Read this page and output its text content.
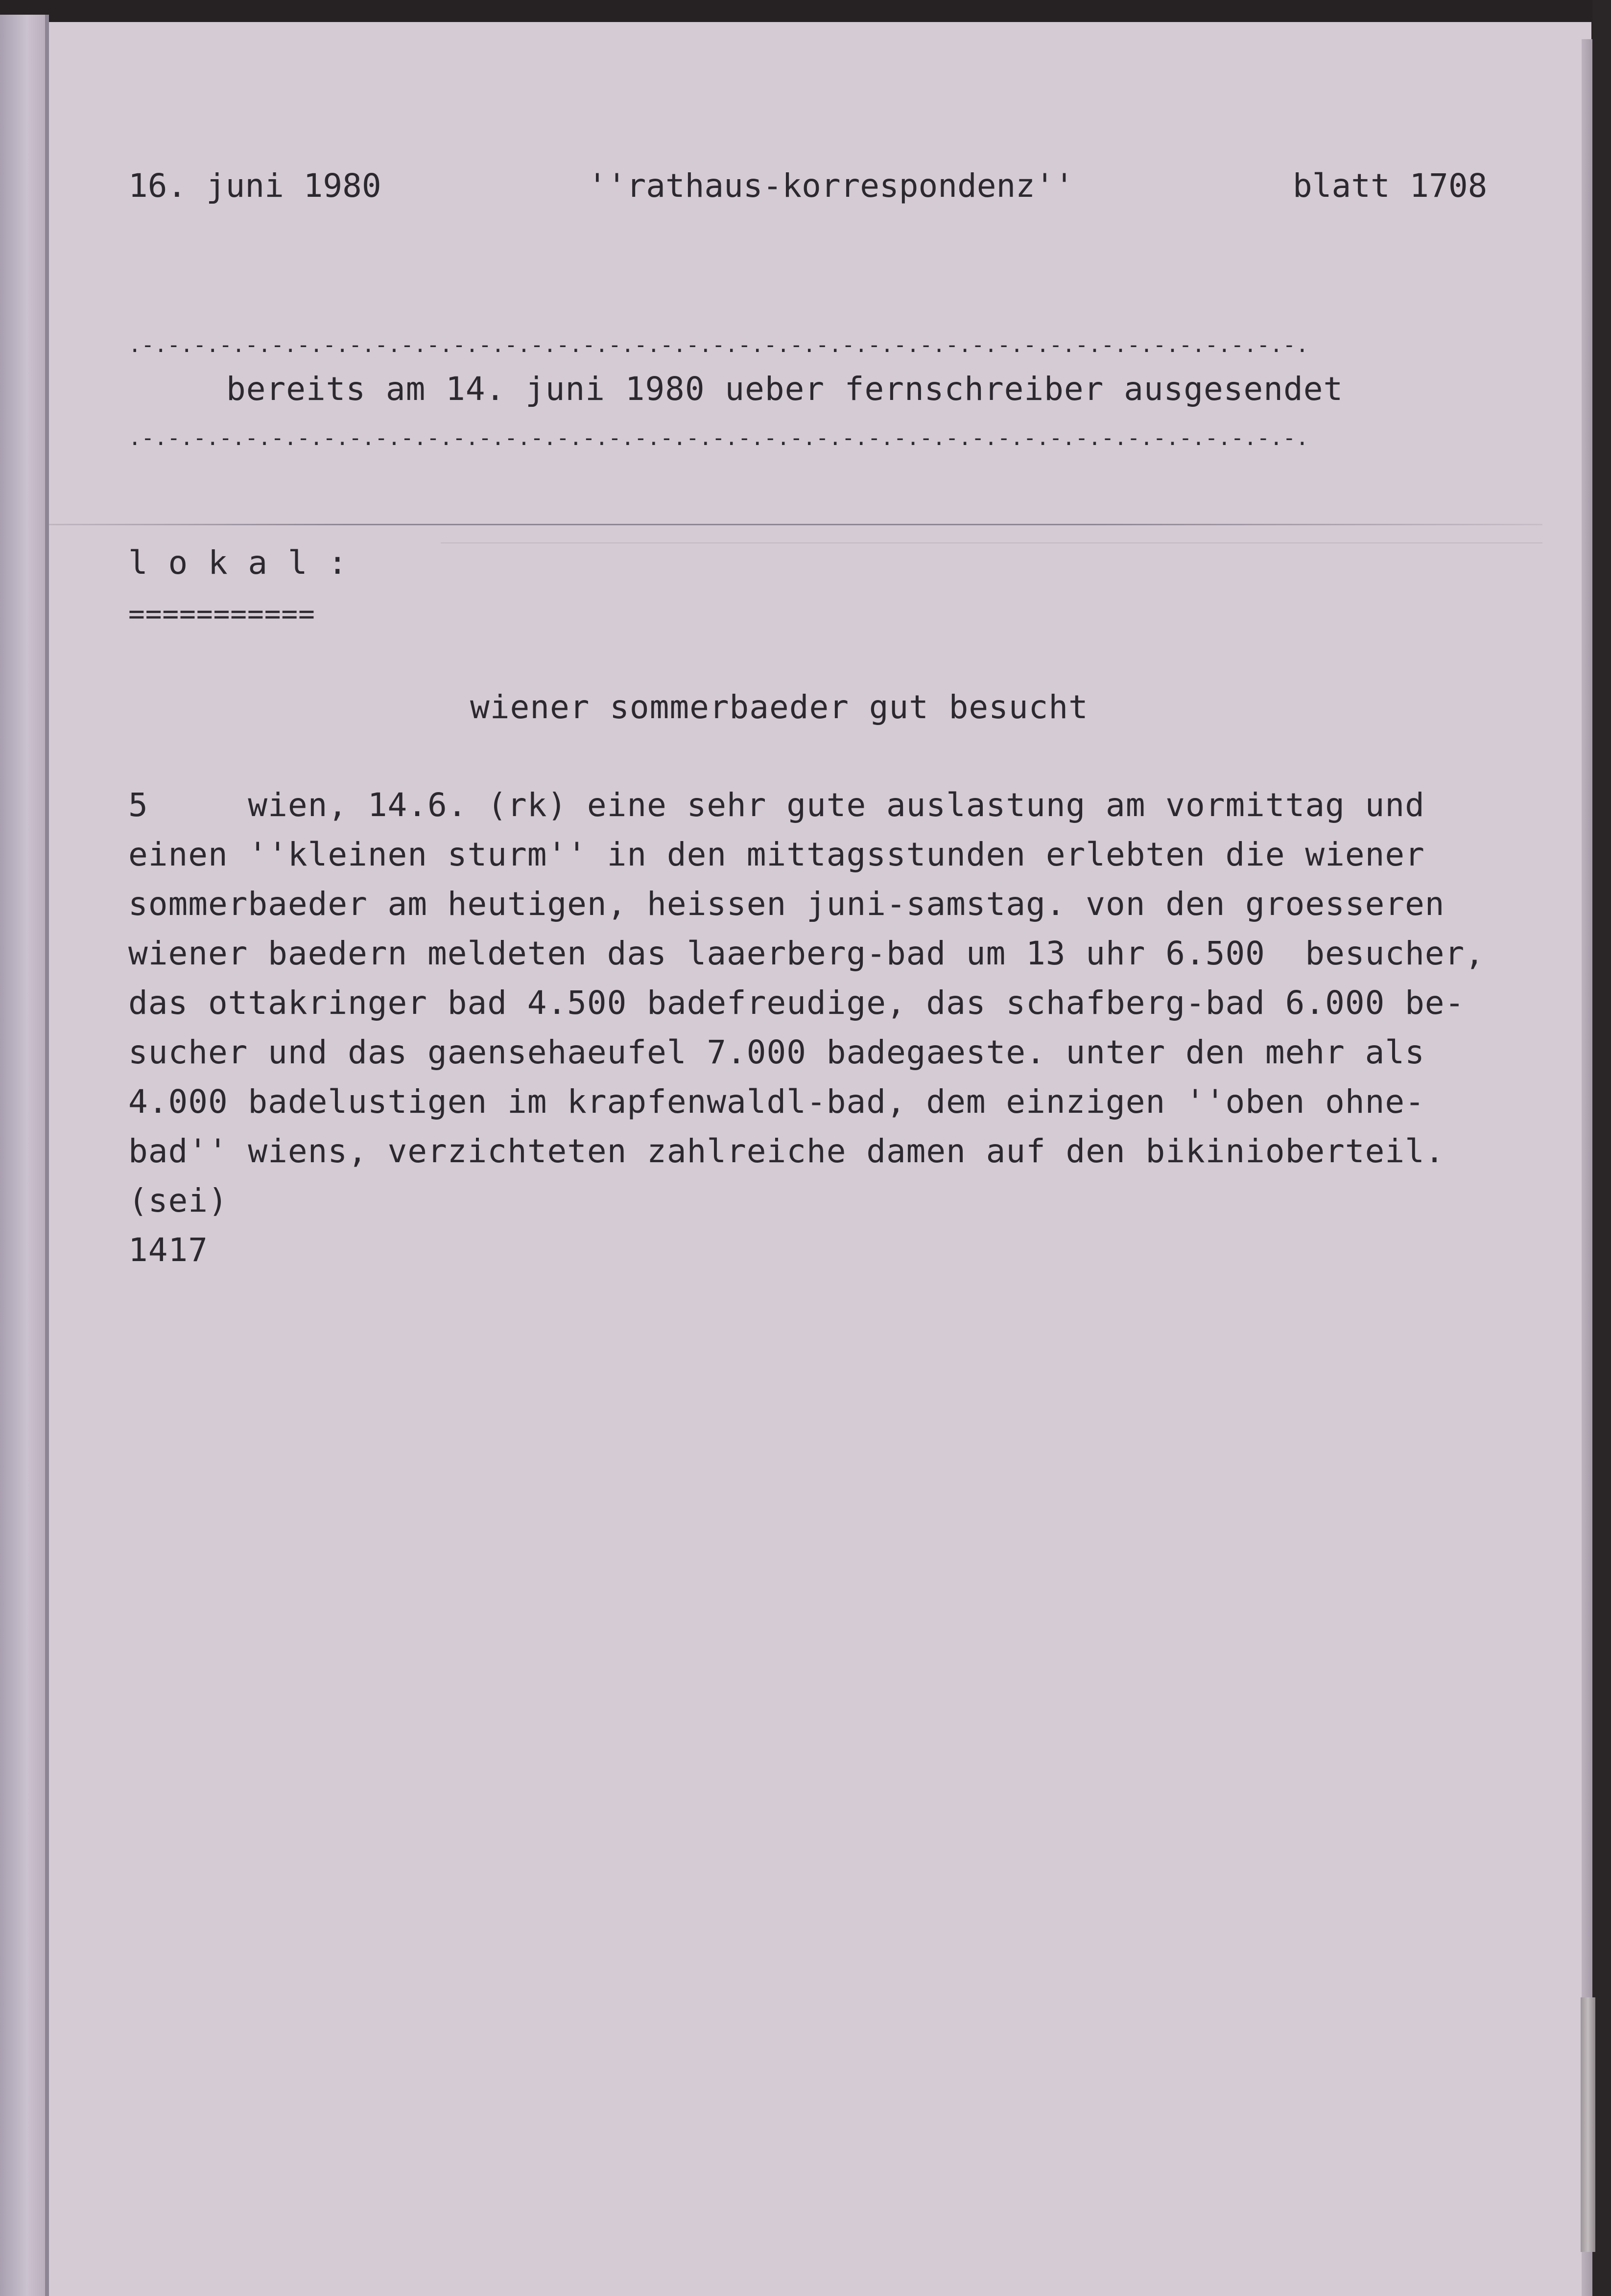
16. juni 1980	''rathaus-korrespondenz''	blatt 1708

.-.-.-.-.-.-.-.-.-.-.-.-.-.-.-.-.-.-.-.-.-.-.-.-.-.-.-.-.-.-.-.-.-.-.-.-.-.-.-.-.-.-.-.-.-.

bereits am 14. juni 1980 ueber fernschreiber ausgesendet

.-.-.-.-.-.-.-.-.-.-.-.-.-.-.-.-.-.-.-.-.-.-.-.-.-.-.-.-.-.-.-.-.-.-.-.-.-.-.-.-.-.-.-.-.-.

l o k a l :

===========

wiener sommerbaeder gut besucht

5     wien, 14.6. (rk) eine sehr gute auslastung am vormittag und

einen ''kleinen sturm'' in den mittagsstunden erlebten die wiener

sommerbaeder am heutigen, heissen juni-samstag. von den groesseren

wiener baedern meldeten das laaerberg-bad um 13 uhr 6.500  besucher,

das ottakringer bad 4.500 badefreudige, das schafberg-bad 6.000 be-

sucher und das gaensehaeufel 7.000 badegaeste. unter den mehr als

4.000 badelustigen im krapfenwaldl-bad, dem einzigen ''oben ohne-

bad'' wiens, verzichteten zahlreiche damen auf den bikinioberteil.

(sei)

1417
